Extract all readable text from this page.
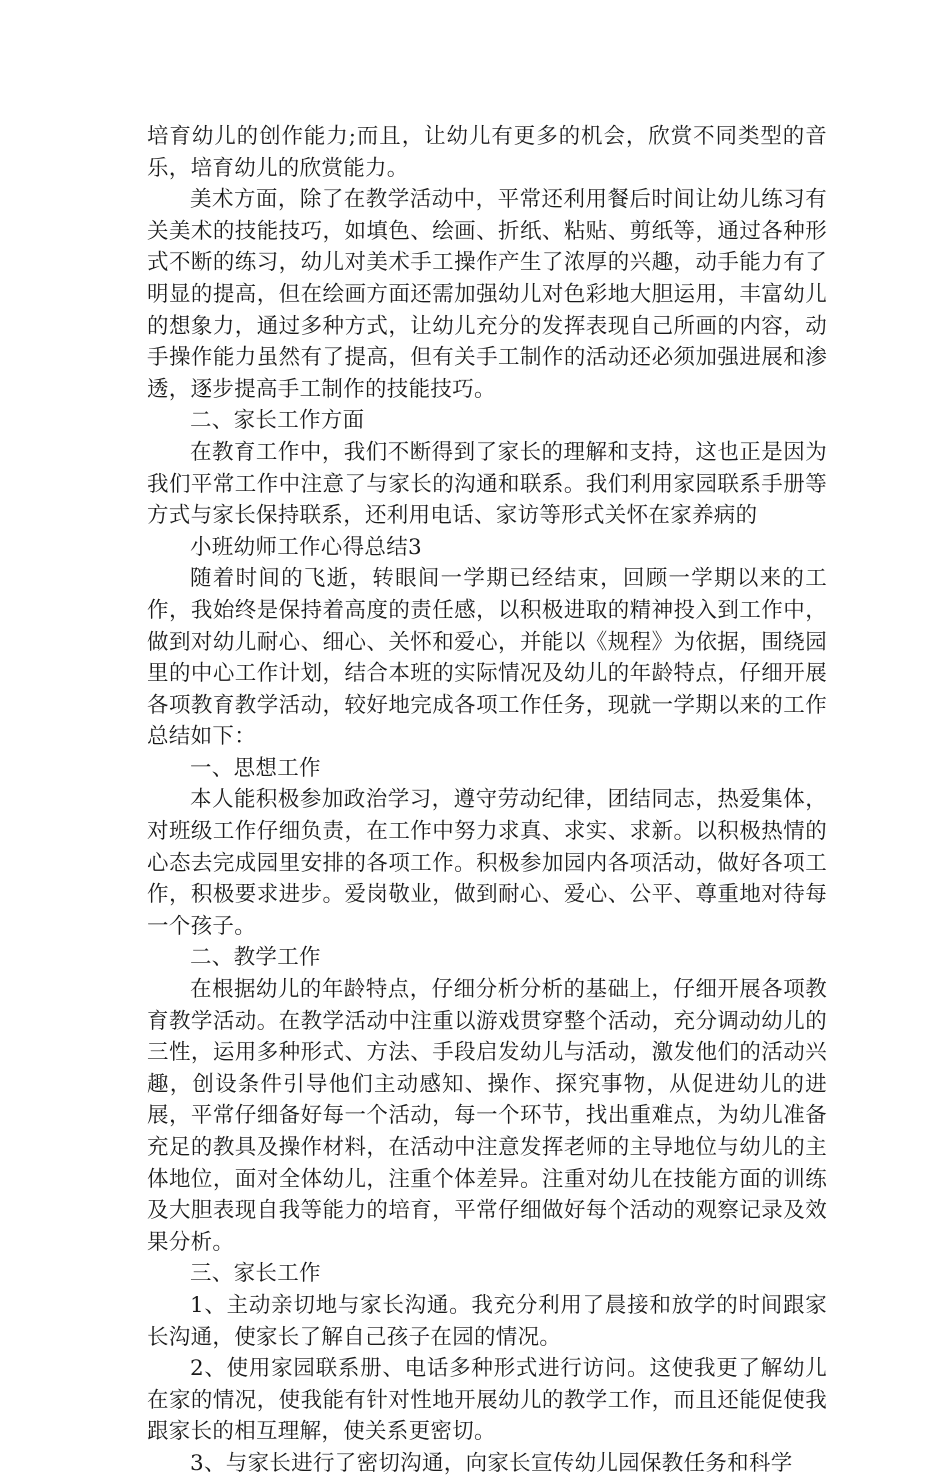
培育幼儿的创作能力;而且，让幼儿有更多的机会，欣赏不同类型的音乐，培育幼儿的欣赏能力。

美术方面，除了在教学活动中，平常还利用餐后时间让幼儿练习有关美术的技能技巧，如填色、绘画、折纸、粘贴、剪纸等，通过各种形式不断的练习，幼儿对美术手工操作产生了浓厚的兴趣，动手能力有了明显的提高，但在绘画方面还需加强幼儿对色彩地大胆运用，丰富幼儿的想象力，通过多种方式，让幼儿充分的发挥表现自己所画的内容，动手操作能力虽然有了提高，但有关手工制作的活动还必须加强进展和渗透，逐步提高手工制作的技能技巧。

二、家长工作方面

在教育工作中，我们不断得到了家长的理解和支持，这也正是因为我们平常工作中注意了与家长的沟通和联系。我们利用家园联系手册等方式与家长保持联系，还利用电话、家访等形式关怀在家养病的

小班幼师工作心得总结3

随着时间的飞逝，转眼间一学期已经结束，回顾一学期以来的工作，我始终是保持着高度的责任感，以积极进取的精神投入到工作中，做到对幼儿耐心、细心、关怀和爱心，并能以《规程》为依据，围绕园里的中心工作计划，结合本班的实际情况及幼儿的年龄特点，仔细开展各项教育教学活动，较好地完成各项工作任务，现就一学期以来的工作总结如下：

一、思想工作

本人能积极参加政治学习，遵守劳动纪律，团结同志，热爱集体，对班级工作仔细负责，在工作中努力求真、求实、求新。以积极热情的心态去完成园里安排的各项工作。积极参加园内各项活动，做好各项工作，积极要求进步。爱岗敬业，做到耐心、爱心、公平、尊重地对待每一个孩子。

二、教学工作

在根据幼儿的年龄特点，仔细分析分析的基础上，仔细开展各项教育教学活动。在教学活动中注重以游戏贯穿整个活动，充分调动幼儿的三性，运用多种形式、方法、手段启发幼儿与活动，激发他们的活动兴趣，创设条件引导他们主动感知、操作、探究事物，从促进幼儿的进展，平常仔细备好每一个活动，每一个环节，找出重难点，为幼儿准备充足的教具及操作材料，在活动中注意发挥老师的主导地位与幼儿的主体地位，面对全体幼儿，注重个体差异。注重对幼儿在技能方面的训练及大胆表现自我等能力的培育，平常仔细做好每个活动的观察记录及效果分析。

三、家长工作

1、主动亲切地与家长沟通。我充分利用了晨接和放学的时间跟家长沟通，使家长了解自己孩子在园的情况。

2、使用家园联系册、电话多种形式进行访问。这使我更了解幼儿在家的情况，使我能有针对性地开展幼儿的教学工作，而且还能促使我跟家长的相互理解，使关系更密切。

3、与家长进行了密切沟通，向家长宣传幼儿园保教任务和科学
